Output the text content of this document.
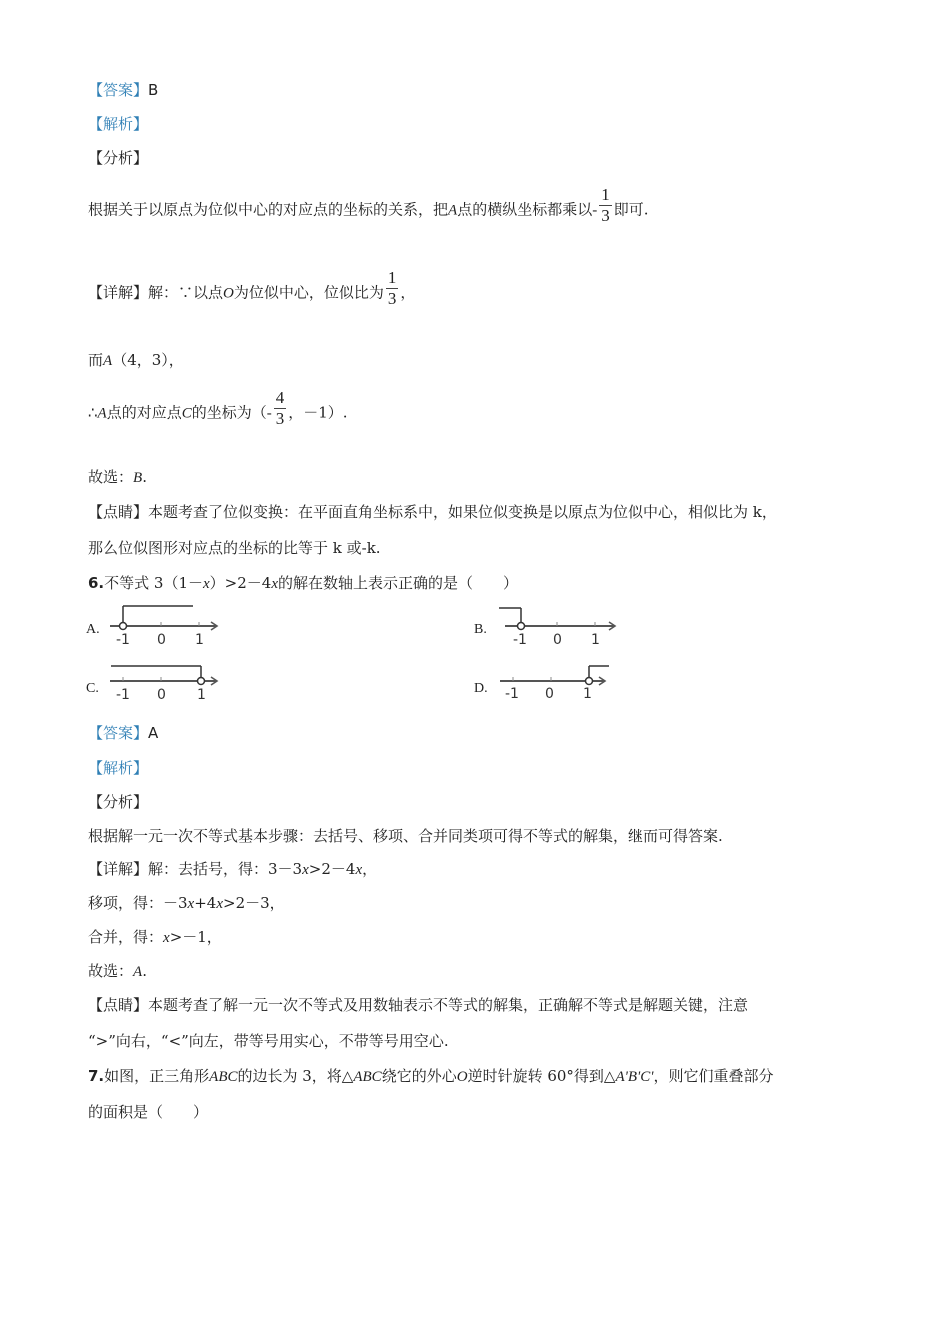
【答案】B
【解析】
【分析】
根据关于以原点为位似中心的对应点的坐标的关系，把A点的横纵坐标都乘以- $\frac{1}{3}$ 即可.
【详解】解：∵以点O为位似中心，位似比为 $\frac{1}{3}$ ，
而A（4，3），
∴A点的对应点C的坐标为（- $\frac{4}{3}$ ，－1）.
故选：B.
【点睛】本题考查了位似变换：在平面直角坐标系中，如果位似变换是以原点为位似中心，相似比为 k，
那么位似图形对应点的坐标的比等于 k 或-k.
6.不等式 3（1－x）>2－4x的解在数轴上表示正确的是（　　）
A.
-1 0 1
B.
-1 0 1
C. -1 0 1	D. -1 0 1
【答案】A
【解析】
【分析】
根据解一元一次不等式基本步骤：去括号、移项、合并同类项可得不等式的解集，继而可得答案.
【详解】解：去括号，得：3－3x>2－4x，
移项，得：－3x+4x>2－3，
合并，得：x>－1，
故选：A.
【点睛】本题考查了解一元一次不等式及用数轴表示不等式的解集，正确解不等式是解题关键，注意
“>”向右，“<”向左，带等号用实心，不带等号用空心.
7.如图，正三角形ABC的边长为 3，将△ABC绕它的外心O逆时针旋转 60°得到△A'B'C'，则它们重叠部分
的面积是（　　）
